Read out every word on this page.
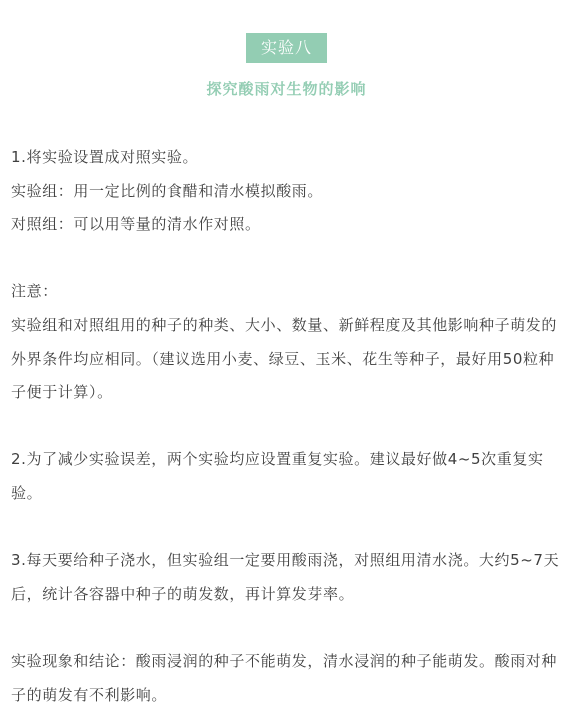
实验八
探究酸雨对生物的影响

1.将实验设置成对照实验。

实验组：用一定比例的食醋和清水模拟酸雨。

对照组：可以用等量的清水作对照。

注意：

实验组和对照组用的种子的种类、大小、数量、新鲜程度及其他影响种子萌发的外界条件均应相同。（建议选用小麦、绿豆、玉米、花生等种子，最好用50粒种子便于计算）。

2.为了减少实验误差，两个实验均应设置重复实验。建议最好做4~5次重复实验。

3.每天要给种子浇水，但实验组一定要用酸雨浇，对照组用清水浇。大约5~7天后，统计各容器中种子的萌发数，再计算发芽率。

实验现象和结论：酸雨浸润的种子不能萌发，清水浸润的种子能萌发。酸雨对种子的萌发有不利影响。
